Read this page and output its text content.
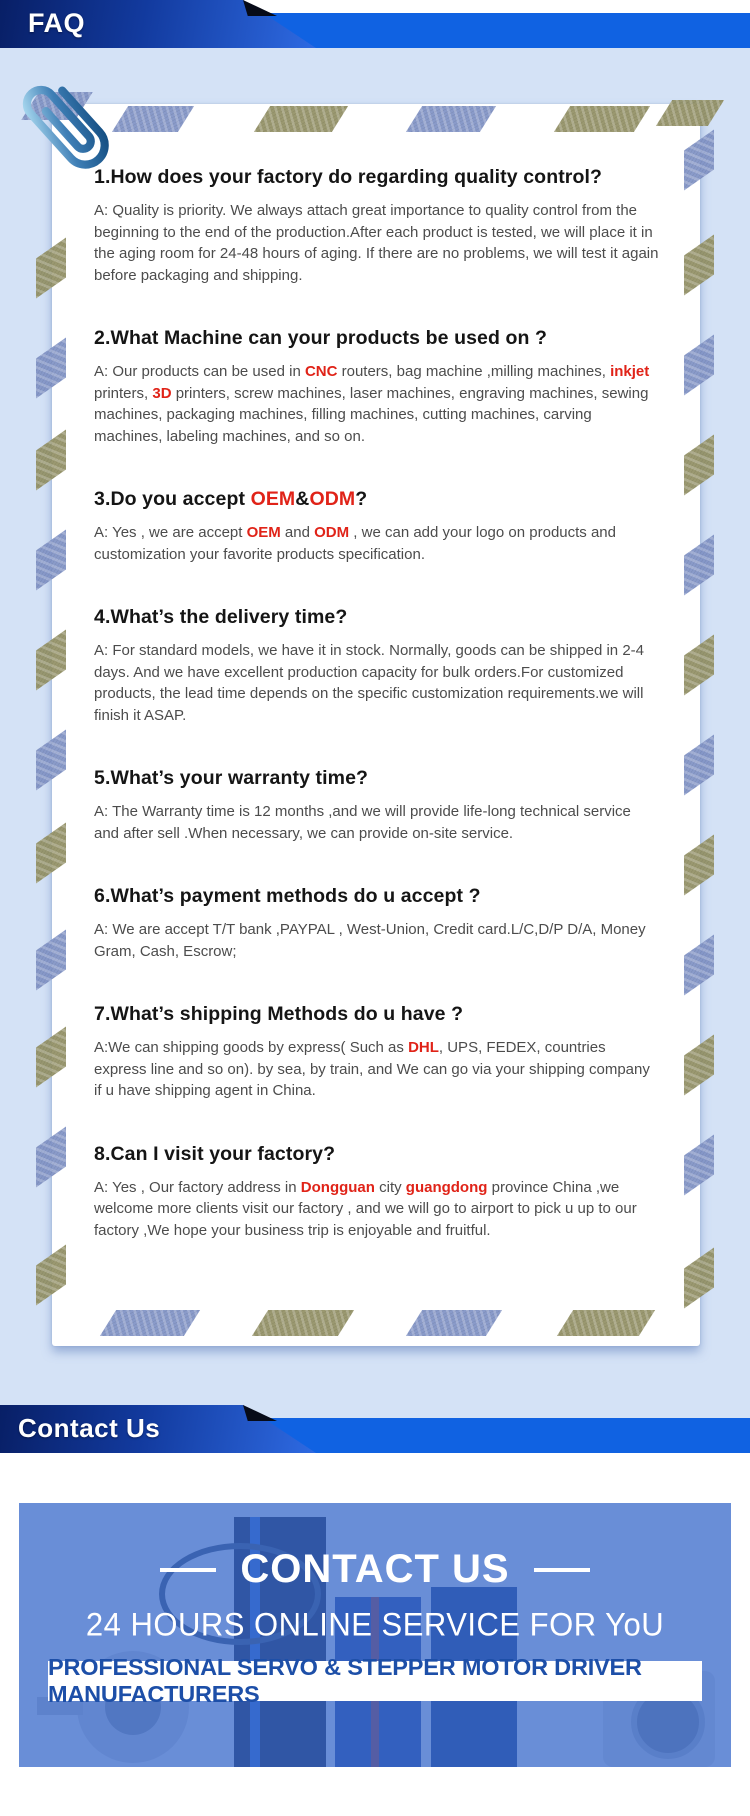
FAQ
1.How does your factory do regarding quality control?

A: Quality is priority. We always attach great importance to quality control from the beginning to the end of the production.After each product is tested, we will place it in the aging room for 24-48 hours of aging. If there are no problems, we will test it again before packaging and shipping.

2.What Machine can your products be used on ?

A: Our products can be used in CNC routers, bag machine ,milling machines, inkjet printers, 3D printers, screw machines, laser machines, engraving machines, sewing machines, packaging machines, filling machines, cutting machines, carving machines, labeling machines, and so on.

3.Do you accept OEM&ODM?

A: Yes , we are accept OEM and ODM , we can add your logo on products and customization your favorite products specification.

4.What’s the delivery time?

A: For standard models, we have it in stock. Normally, goods can be shipped in 2-4 days. And we have excellent production capacity for bulk orders.For customized products, the lead time depends on the specific customization requirements.we will finish it ASAP.

5.What’s your warranty time?

A: The Warranty time is 12 months ,and we will provide life-long technical service and after sell .When necessary, we can provide on-site service.

6.What’s payment methods do u accept ?

A: We are accept T/T bank ,PAYPAL , West-Union, Credit card.L/C,D/P D/A, Money Gram, Cash, Escrow;

7.What’s shipping Methods do u have ?

A:We can shipping goods by express( Such as DHL, UPS, FEDEX, countries express line and so on). by sea, by train, and We can go via your shipping company if u have shipping agent in China.

8.Can I visit your factory?

A: Yes , Our factory address in Dongguan city guangdong province China ,we welcome more clients visit our factory , and we will go to airport to pick u up to our factory ,We hope your business trip is enjoyable and fruitful.

Contact Us
CONTACT US
24 HOURS ONLINE SERVICE FOR YoU
PROFESSIONAL SERVO & STEPPER MOTOR DRIVER MANUFACTURERS
